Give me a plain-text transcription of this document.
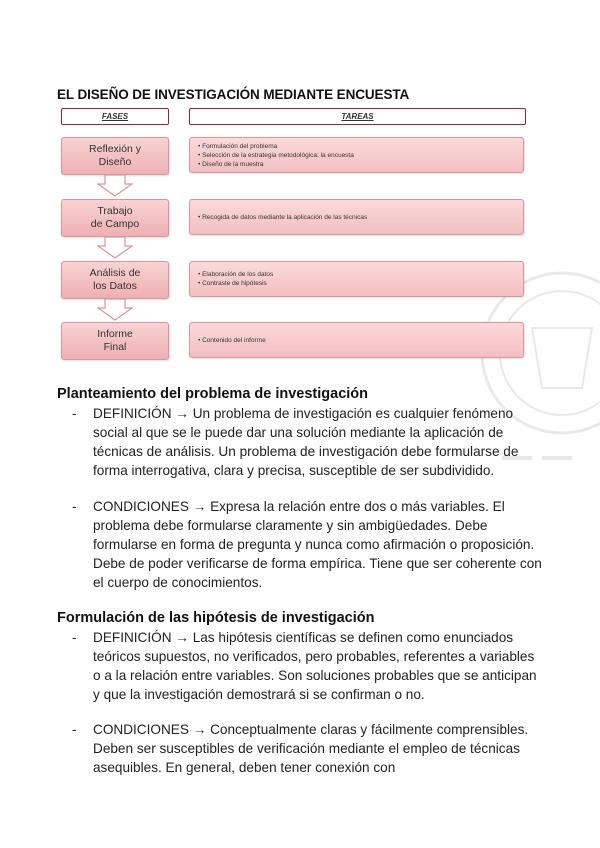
EL DISEÑO DE INVESTIGACIÓN MEDIANTE ENCUESTA
FASES	TAREAS
Reflexión y
Diseño
• Formulación del problema
• Selección de la estrategia metodológica: la encuesta
• Diseño de la muestra
Trabajo
de Campo
• Recogida de datos mediante la aplicación de las técnicas
Análisis de
los Datos
• Elaboración de los datos
• Contraste de hipótesis
Informe
Final
• Contenido del informe
Planteamiento del problema de investigación
- DEFINICIÓN → Un problema de investigación es cualquier fenómeno social al que se le puede dar una solución mediante la aplicación de técnicas de análisis. Un problema de investigación debe formularse de forma interrogativa, clara y precisa, susceptible de ser subdividido.
- CONDICIONES → Expresa la relación entre dos o más variables. El problema debe formularse claramente y sin ambigüedades. Debe formularse en forma de pregunta y nunca como afirmación o proposición. Debe de poder verificarse de forma empírica. Tiene que ser coherente con el cuerpo de conocimientos.
Formulación de las hipótesis de investigación
- DEFINICIÓN → Las hipótesis científicas se definen como enunciados teóricos supuestos, no verificados, pero probables, referentes a variables o a la relación entre variables. Son soluciones probables que se anticipan y que la investigación demostrará si se confirman o no.
- CONDICIONES → Conceptualmente claras y fácilmente comprensibles. Deben ser susceptibles de verificación mediante el empleo de técnicas asequibles. En general, deben tener conexión con
